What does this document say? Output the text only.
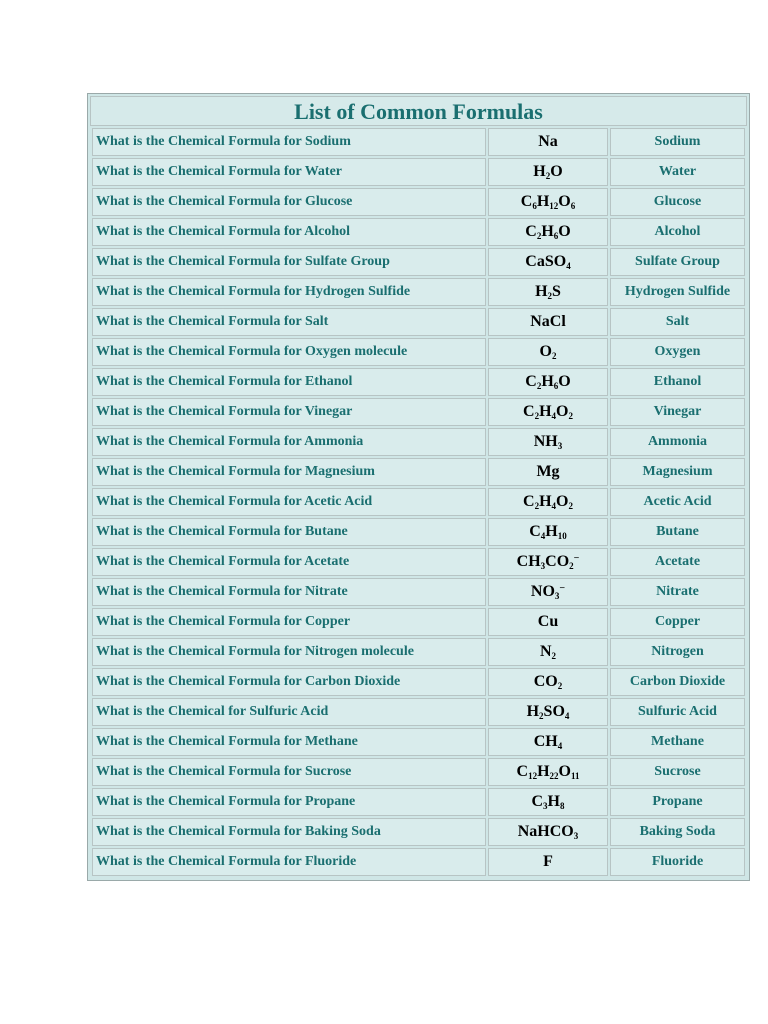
List of Common Formulas
What is the Chemical Formula for Sodium	Na	Sodium
What is the Chemical Formula for Water	$H_2O$	Water
What is the Chemical Formula for Glucose	$C_6H_{12}O_6$	Glucose
What is the Chemical Formula for Alcohol	$C_2H_6O$	Alcohol
What is the Chemical Formula for Sulfate Group	CaSO$_4$	Sulfate Group
What is the Chemical Formula for Hydrogen Sulfide	$H_2S$	Hydrogen Sulfide
What is the Chemical Formula for Salt	NaCl	Salt
What is the Chemical Formula for Oxygen molecule	$O_2$	Oxygen
What is the Chemical Formula for Ethanol	$C_2H_6O$	Ethanol
What is the Chemical Formula for Vinegar	$C_2H_4O_2$	Vinegar
What is the Chemical Formula for Ammonia	$NH_3$	Ammonia
What is the Chemical Formula for Magnesium	Mg	Magnesium
What is the Chemical Formula for Acetic Acid	$C_2H_4O_2$	Acetic Acid
What is the Chemical Formula for Butane	$C_4H_{10}$	Butane
What is the Chemical Formula for Acetate	$CH_3CO_2^-$	Acetate
What is the Chemical Formula for Nitrate	$NO_3^-$	Nitrate
What is the Chemical Formula for Copper	Cu	Copper
What is the Chemical Formula for Nitrogen molecule	$N_2$	Nitrogen
What is the Chemical Formula for Carbon Dioxide	$CO_2$	Carbon Dioxide
What is the Chemical for Sulfuric Acid	$H_2SO_4$	Sulfuric Acid
What is the Chemical Formula for Methane	$CH_4$	Methane
What is the Chemical Formula for Sucrose	$C_{12}H_{22}O_{11}$	Sucrose
What is the Chemical Formula for Propane	$C_3H_8$	Propane
What is the Chemical Formula for Baking Soda	NaHCO$_3$	Baking Soda
What is the Chemical Formula for Fluoride	F	Fluoride
